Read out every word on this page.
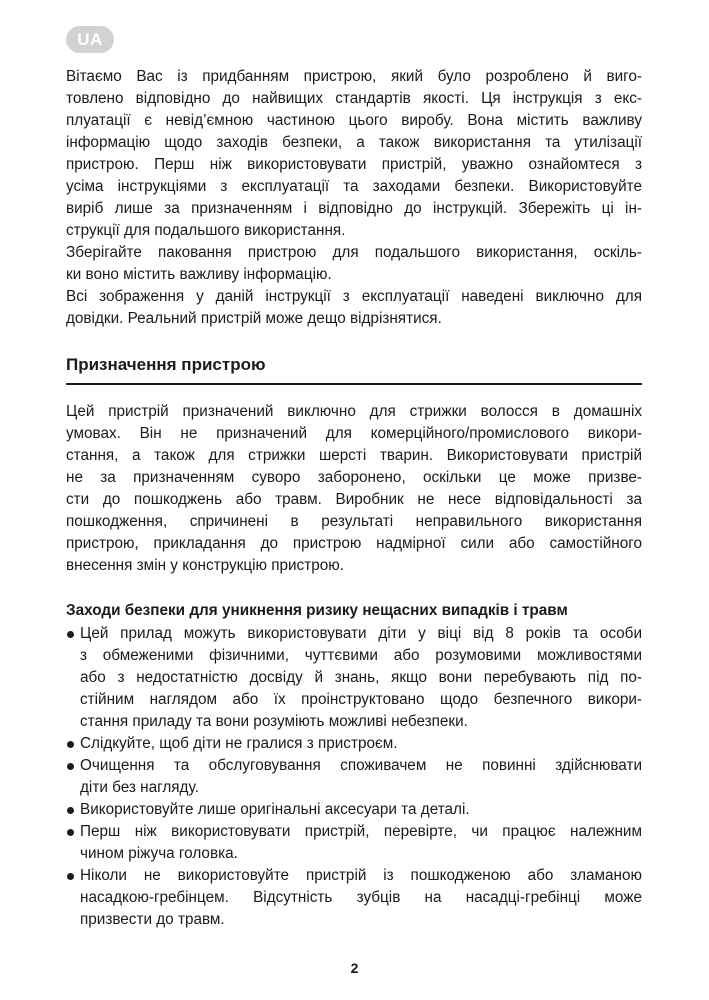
UA
Вітаємо Вас із придбанням пристрою, який було розроблено й виго-
товлено відповідно до найвищих стандартів якості. Ця інструкція з екс-
плуатації є невід’ємною частиною цього виробу. Вона містить важливу
інформацію щодо заходів безпеки, а також використання та утилізації
пристрою. Перш ніж використовувати пристрій, уважно ознайомтеся з
усіма інструкціями з експлуатації та заходами безпеки. Використовуйте
виріб лише за призначенням і відповідно до інструкцій. Збережіть ці ін-
струкції для подальшого використання.
Зберігайте паковання пристрою для подальшого використання, оскіль-
ки воно містить важливу інформацію.
Всі зображення у даній інструкції з експлуатації наведені виключно для
довідки. Реальний пристрій може дещо відрізнятися.
Призначення пристрою
Цей пристрій призначений виключно для стрижки волосся в домашніх
умовах. Він не призначений для комерційного/промислового викори-
стання, а також для стрижки шерсті тварин. Використовувати пристрій
не за призначенням суворо заборонено, оскільки це може призве-
сти до пошкоджень або травм. Виробник не несе відповідальності за
пошкодження, спричинені в результаті неправильного використання
пристрою, прикладання до пристрою надмірної сили або самостійного
внесення змін у конструкцію пристрою.
Заходи безпеки для уникнення ризику нещасних випадків і травм
Цей прилад можуть використовувати діти у віці від 8 років та особи
з обмеженими фізичними, чуттєвими або розумовими можливостями
або з недостатністю досвіду й знань, якщо вони перебувають під по-
стійним наглядом або їх проінструктовано щодо безпечного викори-
стання приладу та вони розуміють можливі небезпеки.
Слідкуйте, щоб діти не гралися з пристроєм.
Очищення та обслуговування споживачем не повинні здійснювати
діти без нагляду.
Використовуйте лише оригінальні аксесуари та деталі.
Перш ніж використовувати пристрій, перевірте, чи працює належним
чином ріжуча головка.
Ніколи не використовуйте пристрій із пошкодженою або зламаною
насадкою-гребінцем. Відсутність зубців на насадці-гребінці може
призвести до травм.
2
